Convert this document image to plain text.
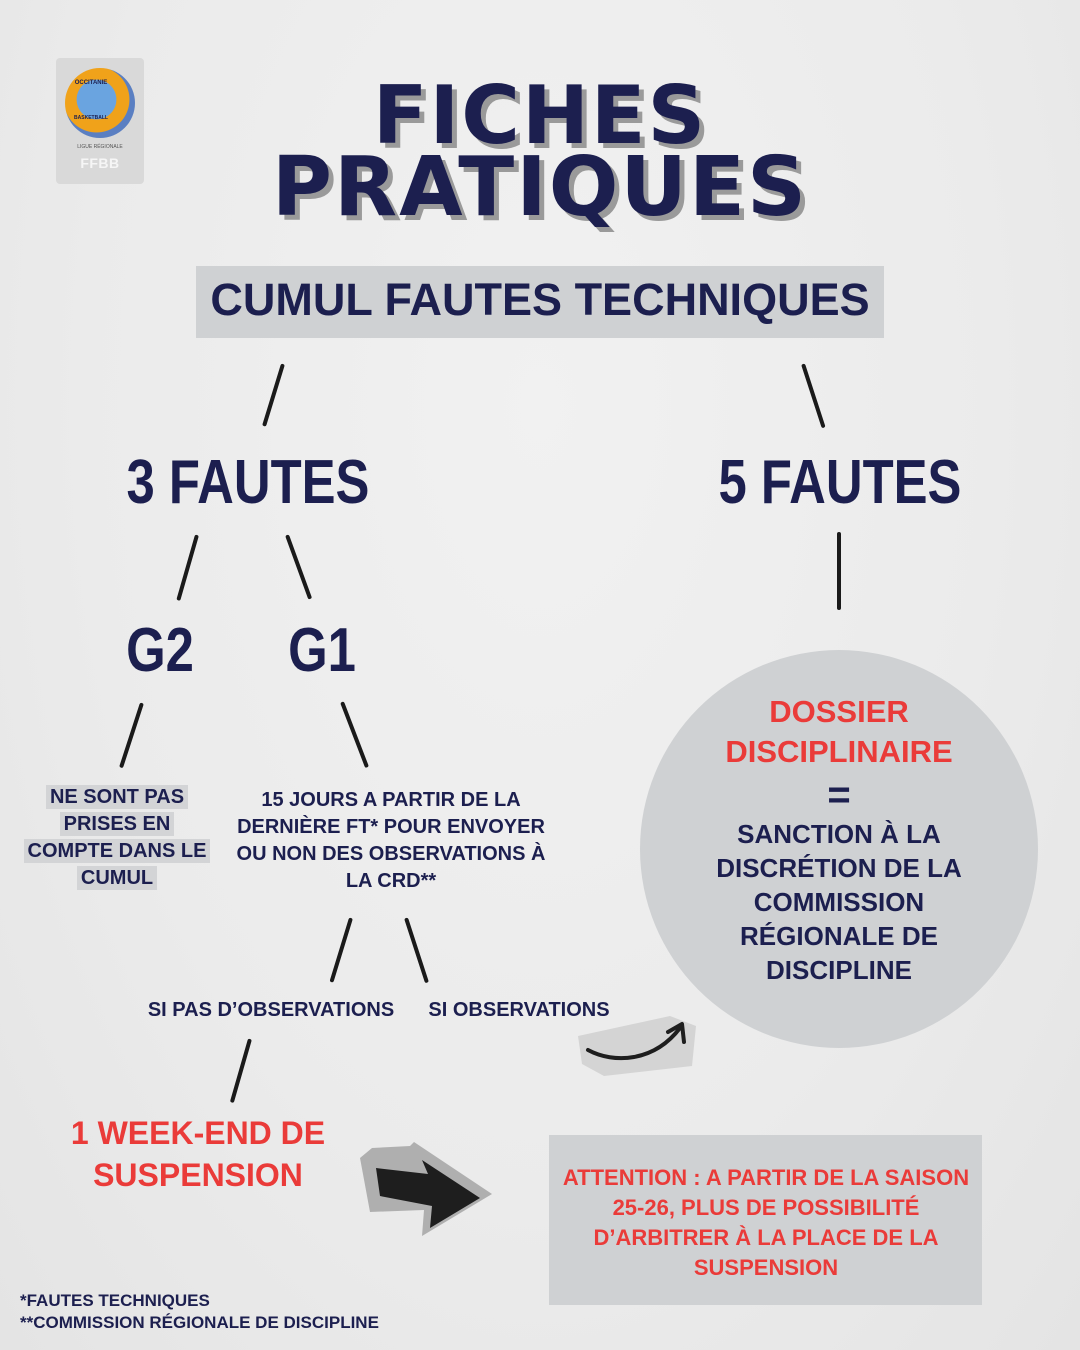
OCCITANIE
BASKETBALL
LIGUE RÉGIONALE
FFBB
FICHES
PRATIQUES
CUMUL FAUTES TECHNIQUES
3 FAUTES	5 FAUTES
G2 G1
NE SONT PAS PRISES EN COMPTE DANS LE CUMUL
15 JOURS A PARTIR DE LA DERNIÈRE FT* POUR ENVOYER OU NON DES OBSERVATIONS À LA CRD**
SI PAS D’OBSERVATIONS	SI OBSERVATIONS
1 WEEK-END DE SUSPENSION
DOSSIER DISCIPLINAIRE
=
SANCTION À LA DISCRÉTION DE LA COMMISSION RÉGIONALE DE DISCIPLINE
ATTENTION : A PARTIR DE LA SAISON 25-26, PLUS DE POSSIBILITÉ D’ARBITRER À LA PLACE DE LA SUSPENSION
*FAUTES TECHNIQUES
**COMMISSION RÉGIONALE DE DISCIPLINE
